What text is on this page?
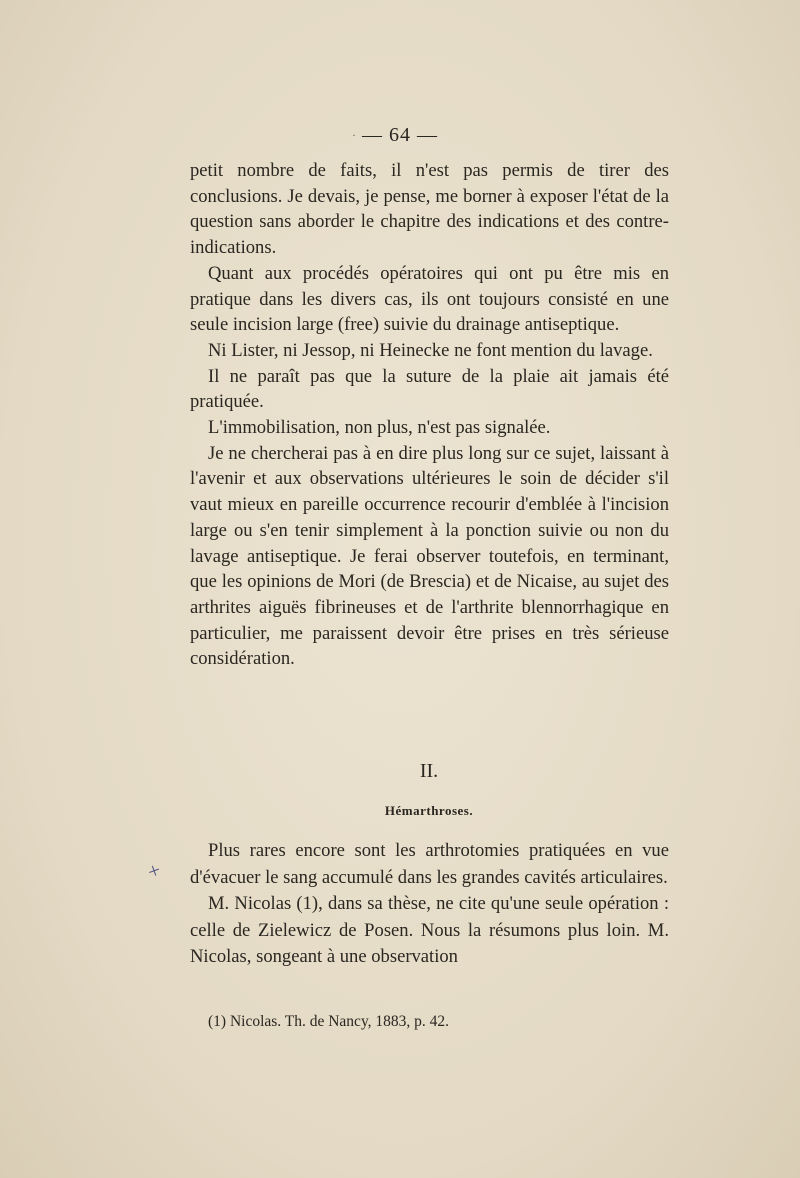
· — 64 —

petit nombre de faits, il n'est pas permis de tirer des conclusions. Je devais, je pense, me borner à exposer l'état de la question sans aborder le chapitre des indications et des contre-indications.

Quant aux procédés opératoires qui ont pu être mis en pratique dans les divers cas, ils ont toujours consisté en une seule incision large (free) suivie du drainage antiseptique.

Ni Lister, ni Jessop, ni Heinecke ne font mention du lavage.

Il ne paraît pas que la suture de la plaie ait jamais été pratiquée.

L'immobilisation, non plus, n'est pas signalée.

Je ne chercherai pas à en dire plus long sur ce sujet, laissant à l'avenir et aux observations ultérieures le soin de décider s'il vaut mieux en pareille occurrence recourir d'emblée à l'incision large ou s'en tenir simplement à la ponction suivie ou non du lavage antiseptique. Je ferai observer toutefois, en terminant, que les opinions de Mori (de Brescia) et de Nicaise, au sujet des arthrites aiguës fibrineuses et de l'arthrite blennorrhagique en particulier, me paraissent devoir être prises en très sérieuse considération.

II.
Hémarthroses.
+

Plus rares encore sont les arthrotomies pratiquées en vue d'évacuer le sang accumulé dans les grandes cavités articulaires.

M. Nicolas (1), dans sa thèse, ne cite qu'une seule opération : celle de Zielewicz de Posen. Nous la résumons plus loin. M. Nicolas, songeant à une observation

(1) Nicolas. Th. de Nancy, 1883, p. 42.
